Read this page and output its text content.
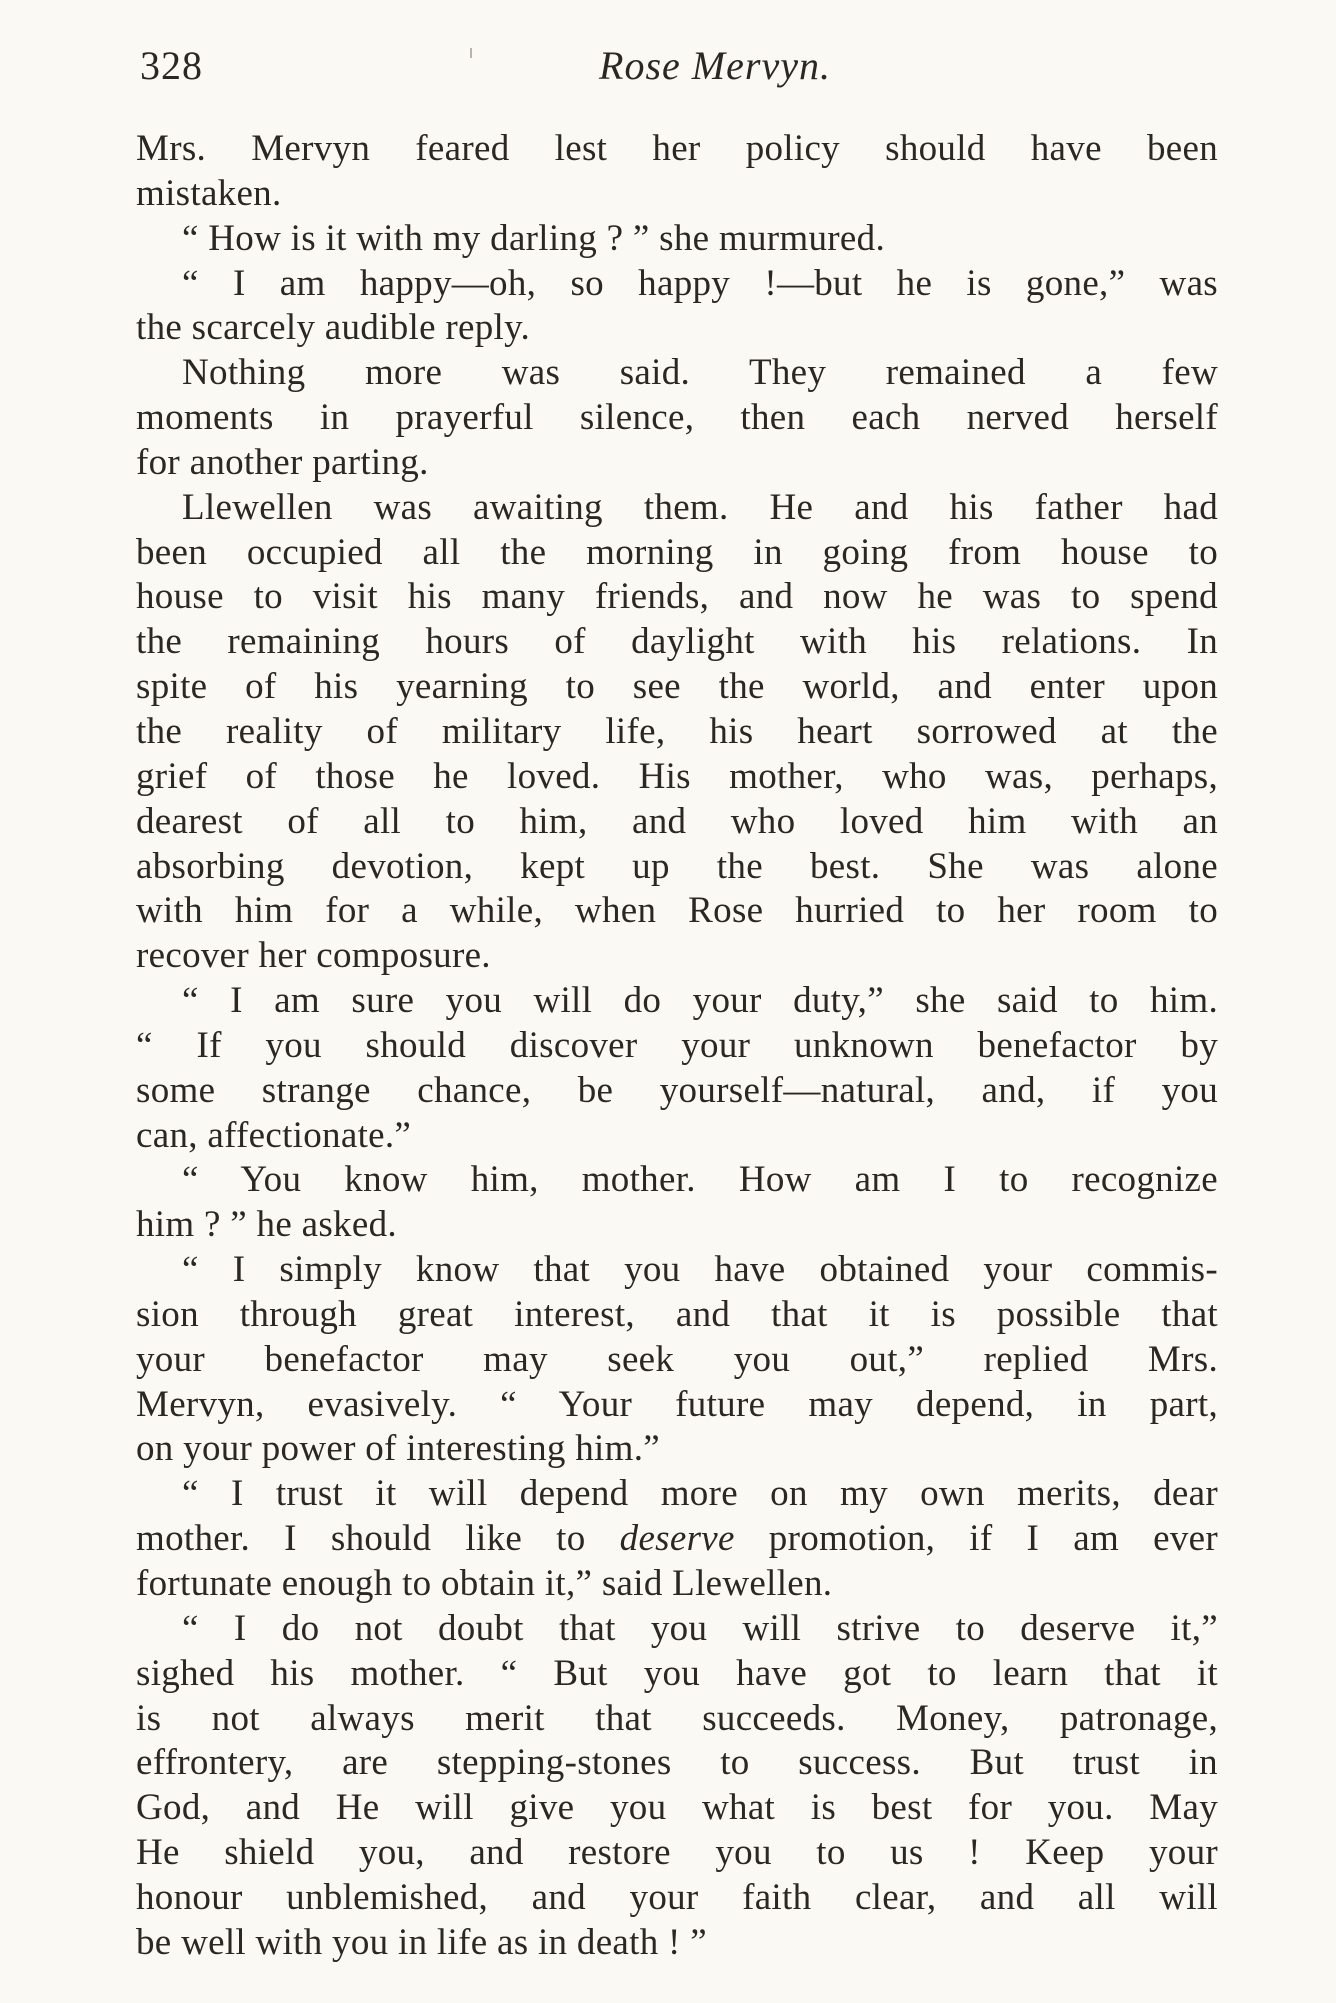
328	Rose Mervyn.
Mrs. Mervyn feared lest her policy should have been
mistaken.
“ How is it with my darling ? ” she murmured.
“ I am happy—oh, so happy !—but he is gone,” was
the scarcely audible reply.
Nothing more was said. They remained a few
moments in prayerful silence, then each nerved herself
for another parting.
Llewellen was awaiting them. He and his father had
been occupied all the morning in going from house to
house to visit his many friends, and now he was to spend
the remaining hours of daylight with his relations. In
spite of his yearning to see the world, and enter upon
the reality of military life, his heart sorrowed at the
grief of those he loved. His mother, who was, perhaps,
dearest of all to him, and who loved him with an
absorbing devotion, kept up the best. She was alone
with him for a while, when Rose hurried to her room to
recover her composure.
“ I am sure you will do your duty,” she said to him.
“ If you should discover your unknown benefactor by
some strange chance, be yourself—natural, and, if you
can, affectionate.”
“ You know him, mother. How am I to recognize
him ? ” he asked.
“ I simply know that you have obtained your commis-
sion through great interest, and that it is possible that
your benefactor may seek you out,” replied Mrs.
Mervyn, evasively. “ Your future may depend, in part,
on your power of interesting him.”
“ I trust it will depend more on my own merits, dear
mother. I should like to deserve promotion, if I am ever
fortunate enough to obtain it,” said Llewellen.
“ I do not doubt that you will strive to deserve it,”
sighed his mother. “ But you have got to learn that it
is not always merit that succeeds. Money, patronage,
effrontery, are stepping-stones to success. But trust in
God, and He will give you what is best for you. May
He shield you, and restore you to us ! Keep your
honour unblemished, and your faith clear, and all will
be well with you in life as in death ! ”
